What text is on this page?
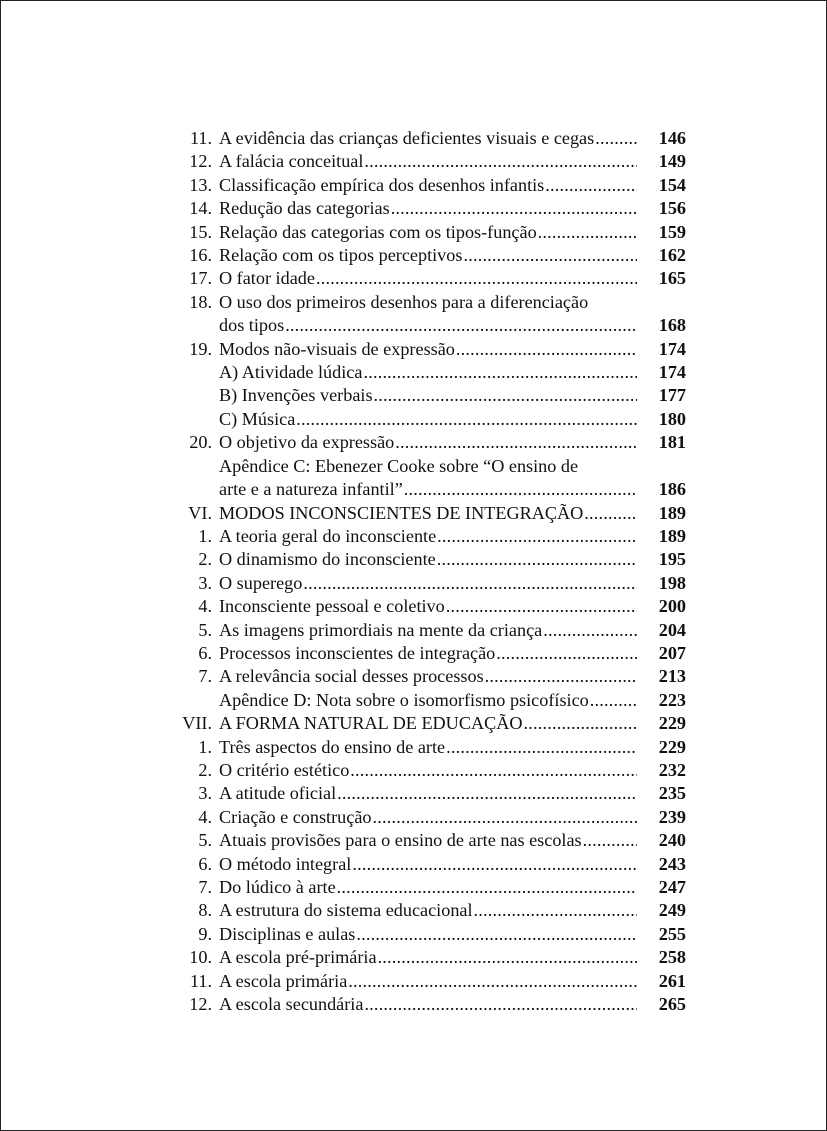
11. A evidência das crianças deficientes visuais e cegas .....	146
12. A falácia conceitual .....	149
13. Classificação empírica dos desenhos infantis .....	154
14. Redução das categorias .....	156
15. Relação das categorias com os tipos-função .....	159
16. Relação com os tipos perceptivos .....	162
17. O fator idade .....	165
18. O uso dos primeiros desenhos para a diferenciação
dos tipos .....	168
19. Modos não-visuais de expressão .....	174
A) Atividade lúdica .....	174
B) Invenções verbais .....	177
C) Música .....	180
20. O objetivo da expressão .....	181
Apêndice C: Ebenezer Cooke sobre “O ensino de
arte e a natureza infantil” .....	186
VI. MODOS INCONSCIENTES DE INTEGRAÇÃO .....	189
1. A teoria geral do inconsciente .....	189
2. O dinamismo do inconsciente .....	195
3. O superego .....	198
4. Inconsciente pessoal e coletivo .....	200
5. As imagens primordiais na mente da criança .....	204
6. Processos inconscientes de integração .....	207
7. A relevância social desses processos .....	213
Apêndice D: Nota sobre o isomorfismo psicofísico .....	223
VII. A FORMA NATURAL DE EDUCAÇÃO .....	229
1. Três aspectos do ensino de arte .....	229
2. O critério estético .....	232
3. A atitude oficial .....	235
4. Criação e construção .....	239
5. Atuais provisões para o ensino de arte nas escolas .....	240
6. O método integral .....	243
7. Do lúdico à arte .....	247
8. A estrutura do sistema educacional .....	249
9. Disciplinas e aulas .....	255
10. A escola pré-primária .....	258
11. A escola primária .....	261
12. A escola secundária .....	265
